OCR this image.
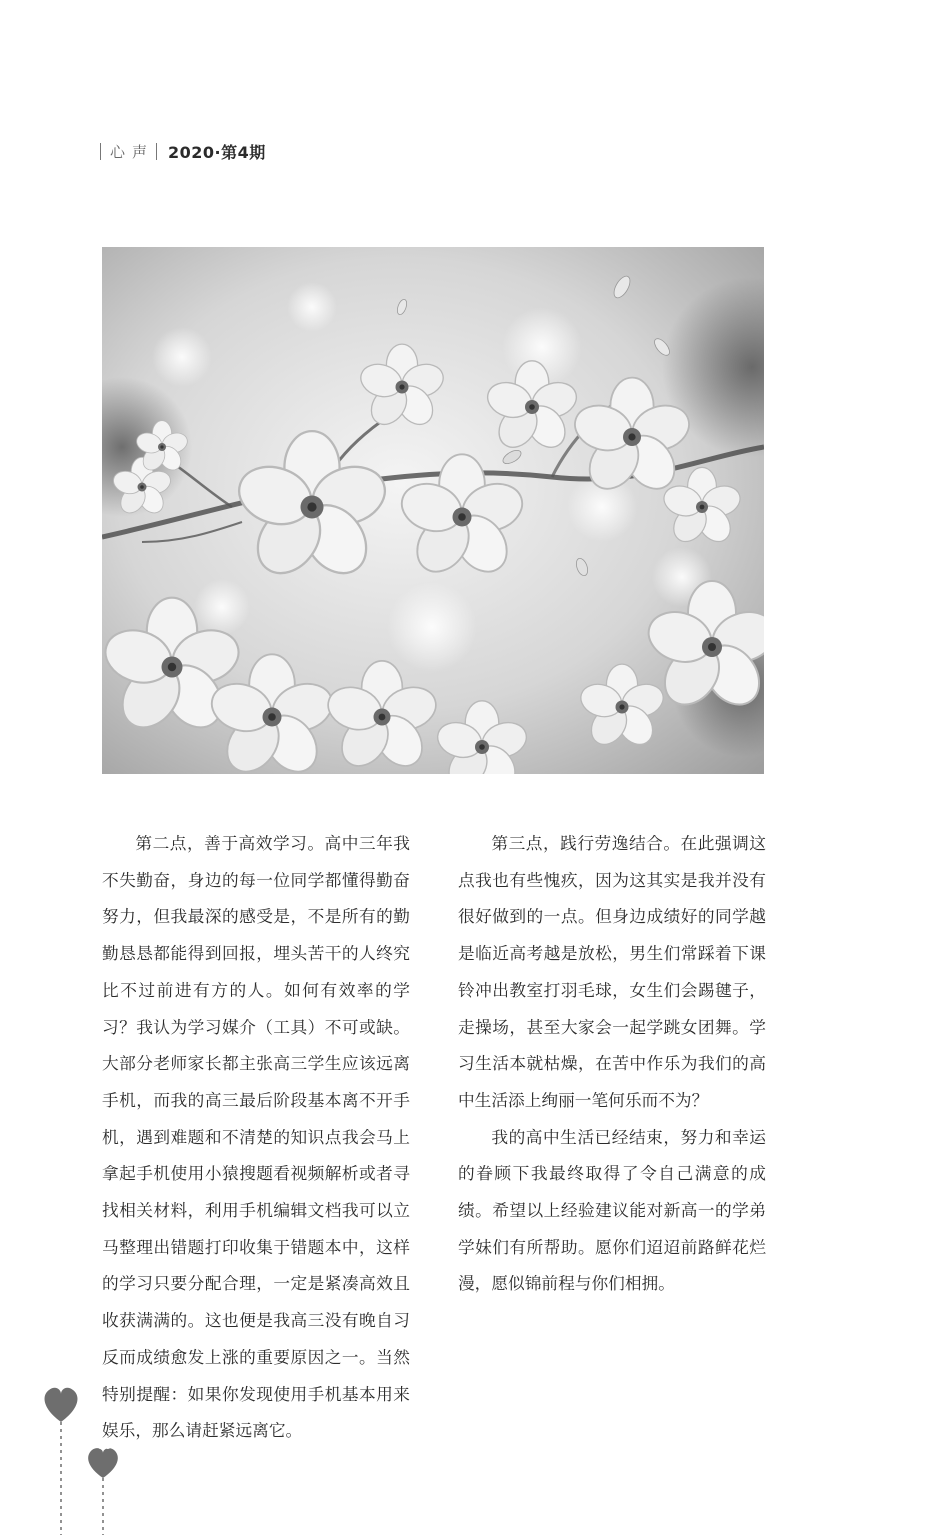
心声 2020·第4期

第二点，善于高效学习。高中三年我不失勤奋，身边的每一位同学都懂得勤奋努力，但我最深的感受是，不是所有的勤勤恳恳都能得到回报，埋头苦干的人终究比不过前进有方的人。如何有效率的学习？我认为学习媒介（工具）不可或缺。大部分老师家长都主张高三学生应该远离手机，而我的高三最后阶段基本离不开手机，遇到难题和不清楚的知识点我会马上拿起手机使用小猿搜题看视频解析或者寻找相关材料，利用手机编辑文档我可以立马整理出错题打印收集于错题本中，这样的学习只要分配合理，一定是紧凑高效且收获满满的。这也便是我高三没有晚自习反而成绩愈发上涨的重要原因之一。当然特别提醒：如果你发现使用手机基本用来娱乐，那么请赶紧远离它。

第三点，践行劳逸结合。在此强调这点我也有些愧疚，因为这其实是我并没有很好做到的一点。但身边成绩好的同学越是临近高考越是放松，男生们常踩着下课铃冲出教室打羽毛球，女生们会踢毽子，走操场，甚至大家会一起学跳女团舞。学习生活本就枯燥，在苦中作乐为我们的高中生活添上绚丽一笔何乐而不为？

我的高中生活已经结束，努力和幸运的眷顾下我最终取得了令自己满意的成绩。希望以上经验建议能对新高一的学弟学妹们有所帮助。愿你们迢迢前路鲜花烂漫，愿似锦前程与你们相拥。

46
